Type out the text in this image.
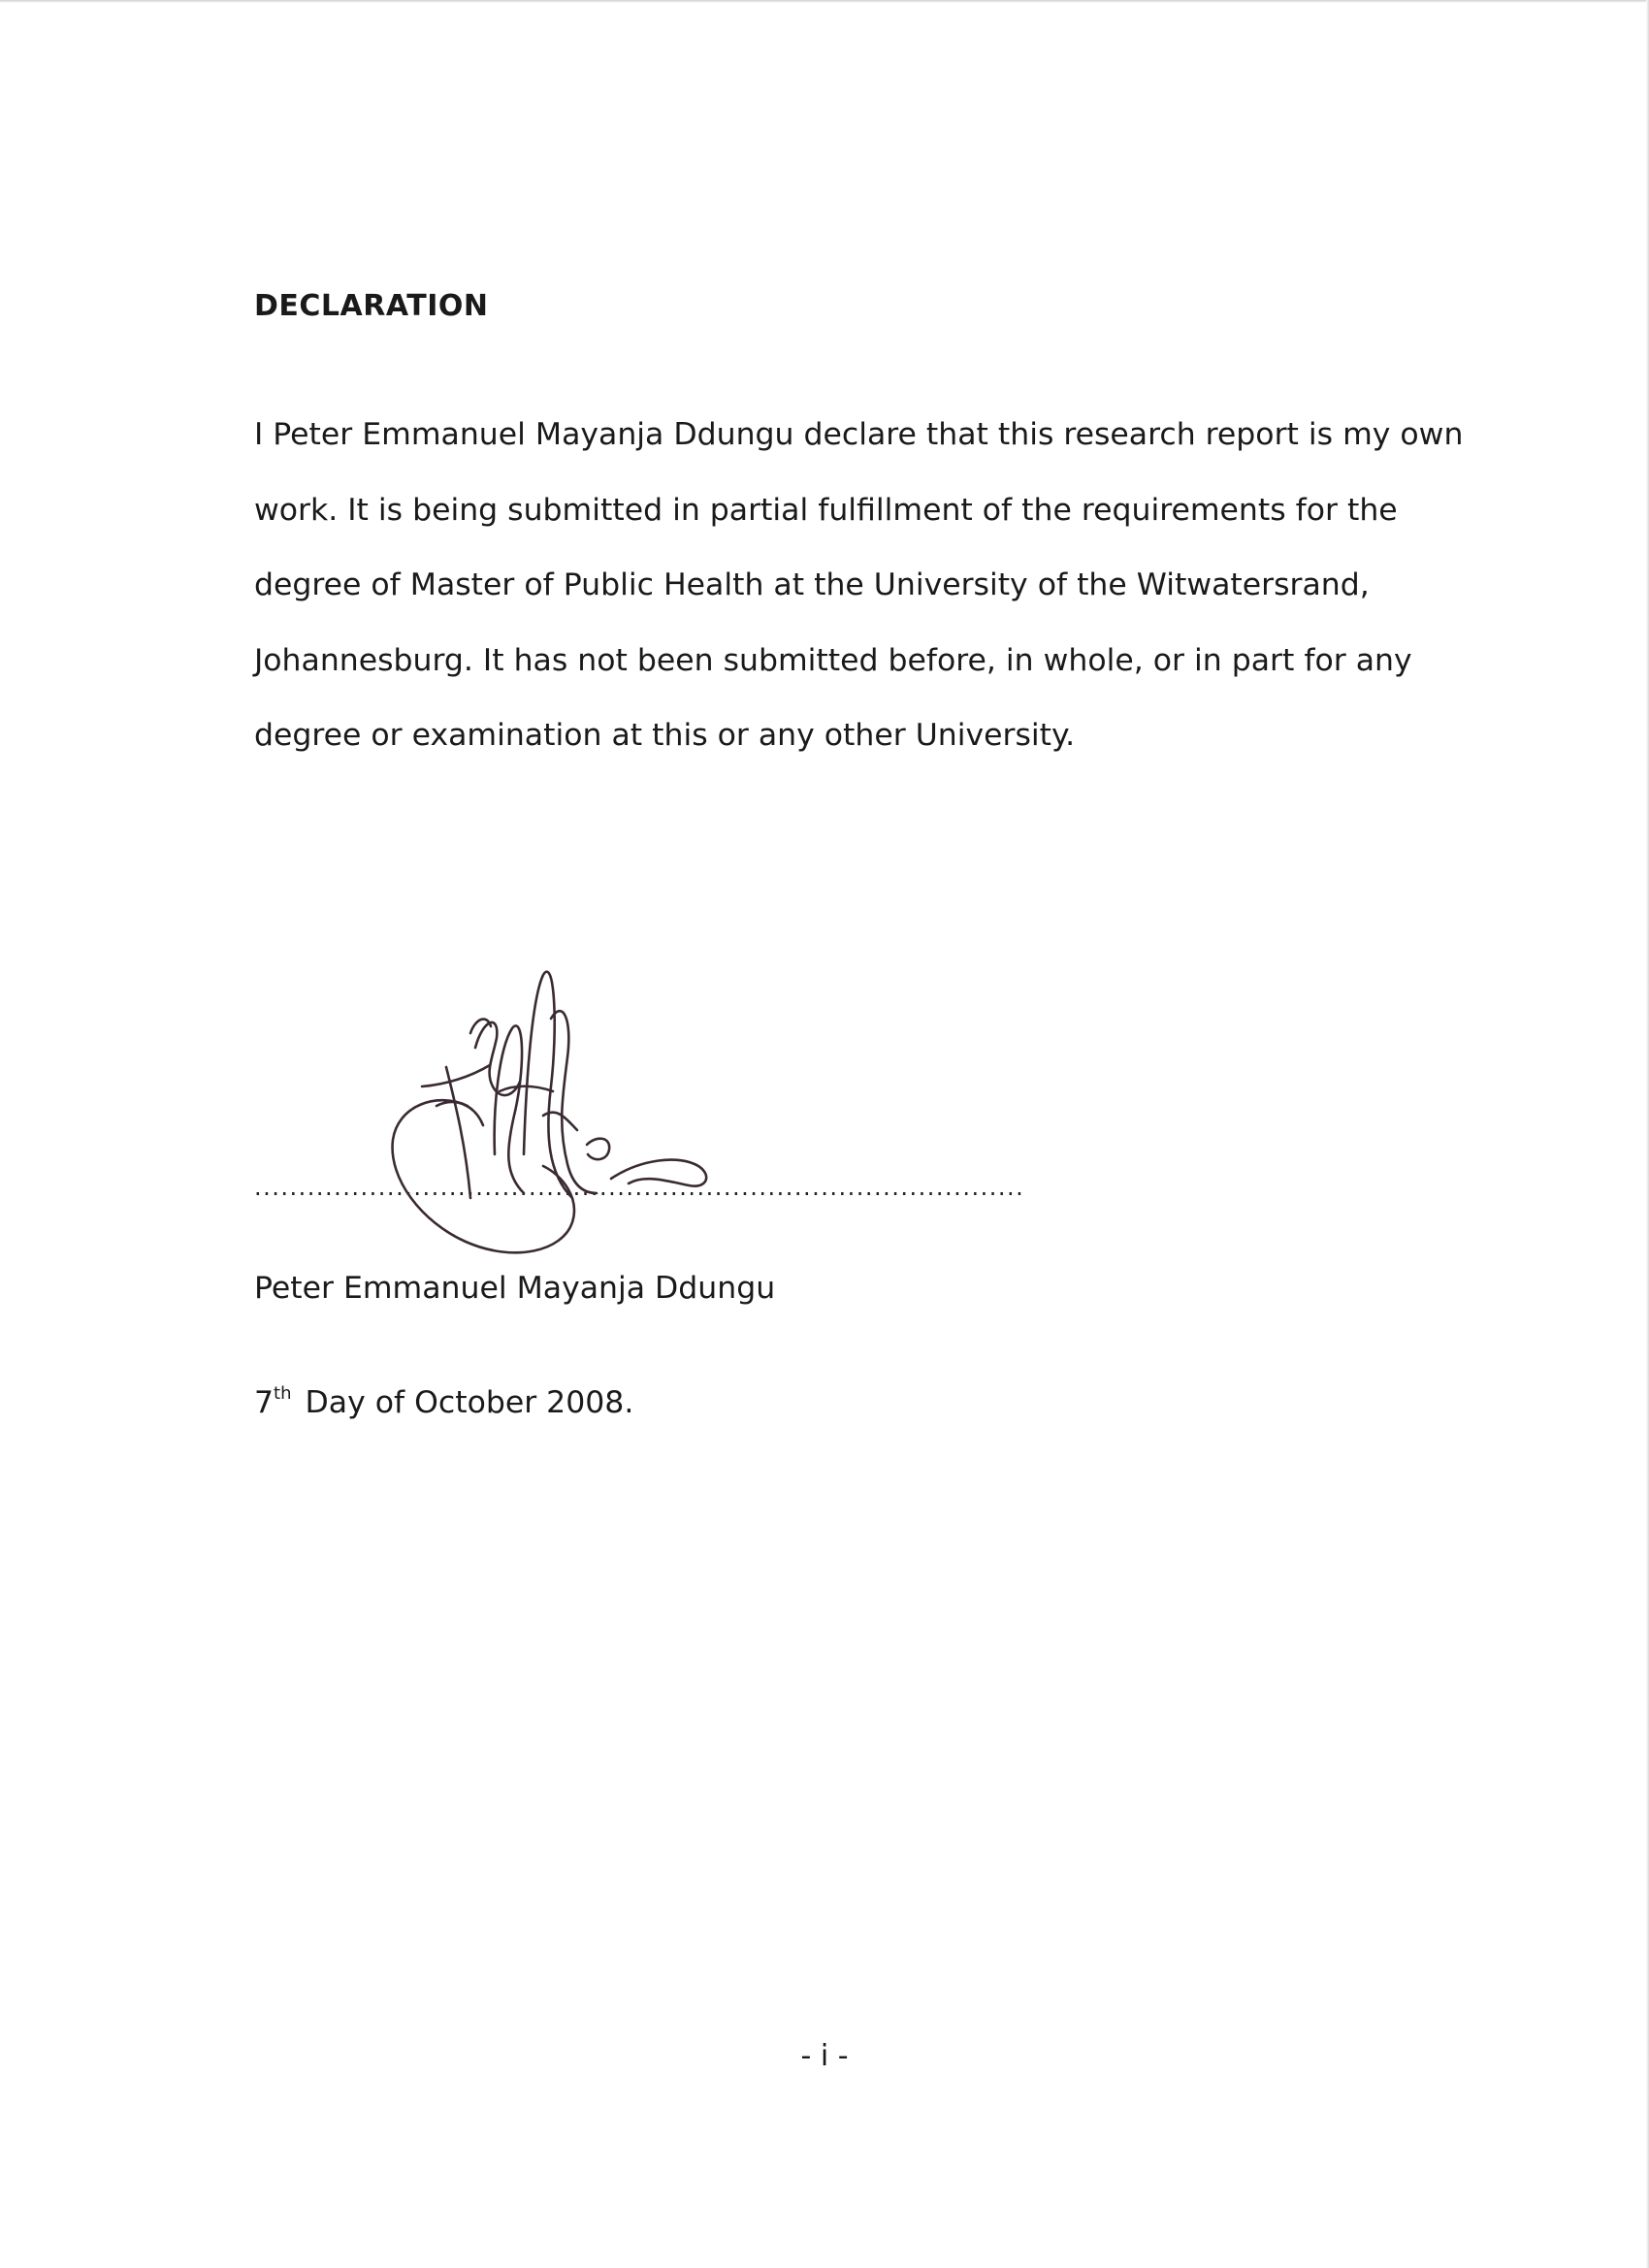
DECLARATION

I Peter Emmanuel Mayanja Ddungu declare that this research report is my own
work. It is being submitted in partial fulfillment of the requirements for the
degree of Master of Public Health at the University of the Witwatersrand,
Johannesburg. It has not been submitted before, in whole, or in part for any
degree or examination at this or any other University.

.......................................................................................

Peter Emmanuel Mayanja Ddungu

7th Day of October 2008.

- i -
